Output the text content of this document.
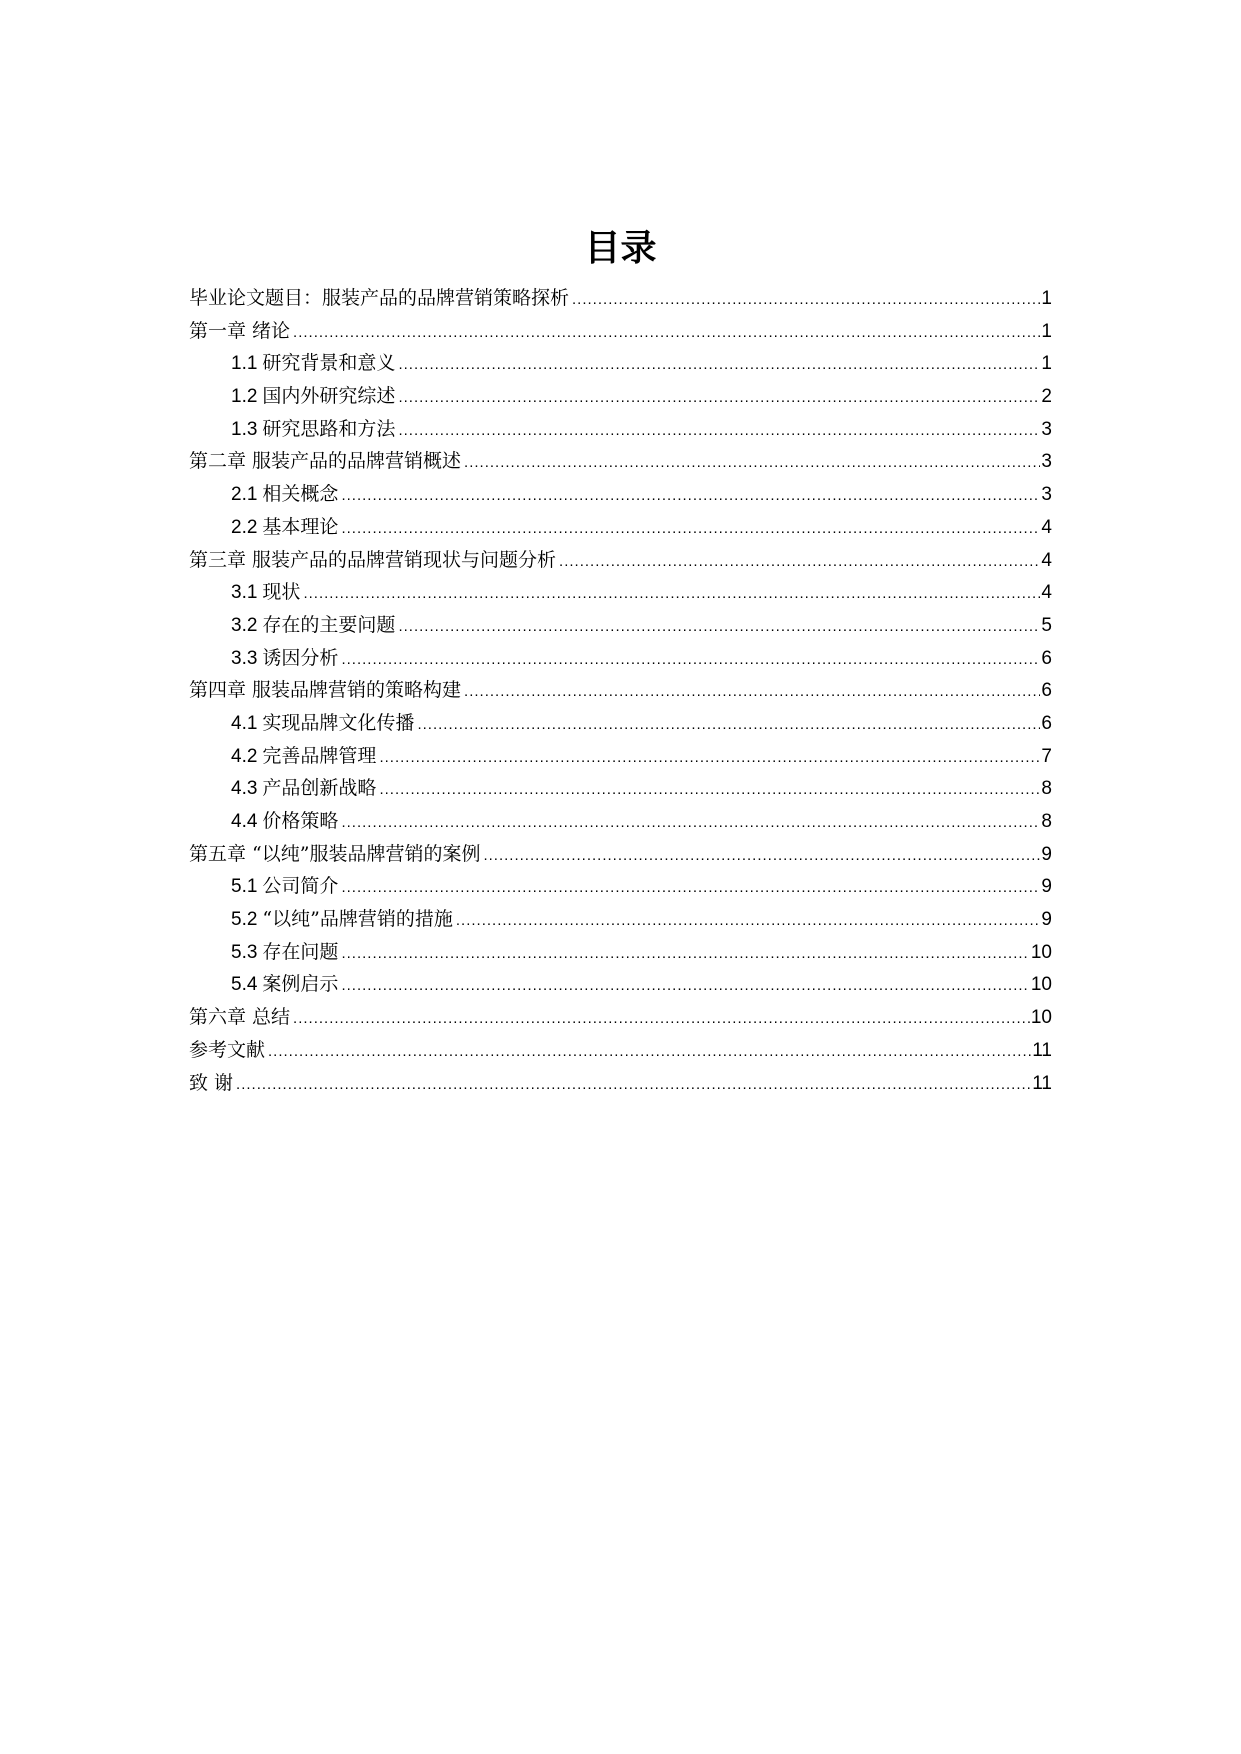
目录
毕业论文题目：服装产品的品牌营销策略探析 .....	1
第一章 绪论 .....	1
1.1 研究背景和意义 .....	1
1.2 国内外研究综述 .....	2
1.3 研究思路和方法 .....	3
第二章 服装产品的品牌营销概述 .....	3
2.1 相关概念 .....	3
2.2 基本理论 .....	4
第三章 服装产品的品牌营销现状与问题分析 .....	4
3.1 现状 .....	4
3.2 存在的主要问题 .....	5
3.3 诱因分析 .....	6
第四章 服装品牌营销的策略构建 .....	6
4.1 实现品牌文化传播 .....	6
4.2 完善品牌管理 .....	7
4.3 产品创新战略 .....	8
4.4 价格策略 .....	8
第五章 “以纯”服装品牌营销的案例 .....	9
5.1 公司简介 .....	9
5.2 “以纯”品牌营销的措施 .....	9
5.3 存在问题 .....	10
5.4 案例启示 .....	10
第六章 总结 .....	10
参考文献 .....	11
致 谢 .....	11
